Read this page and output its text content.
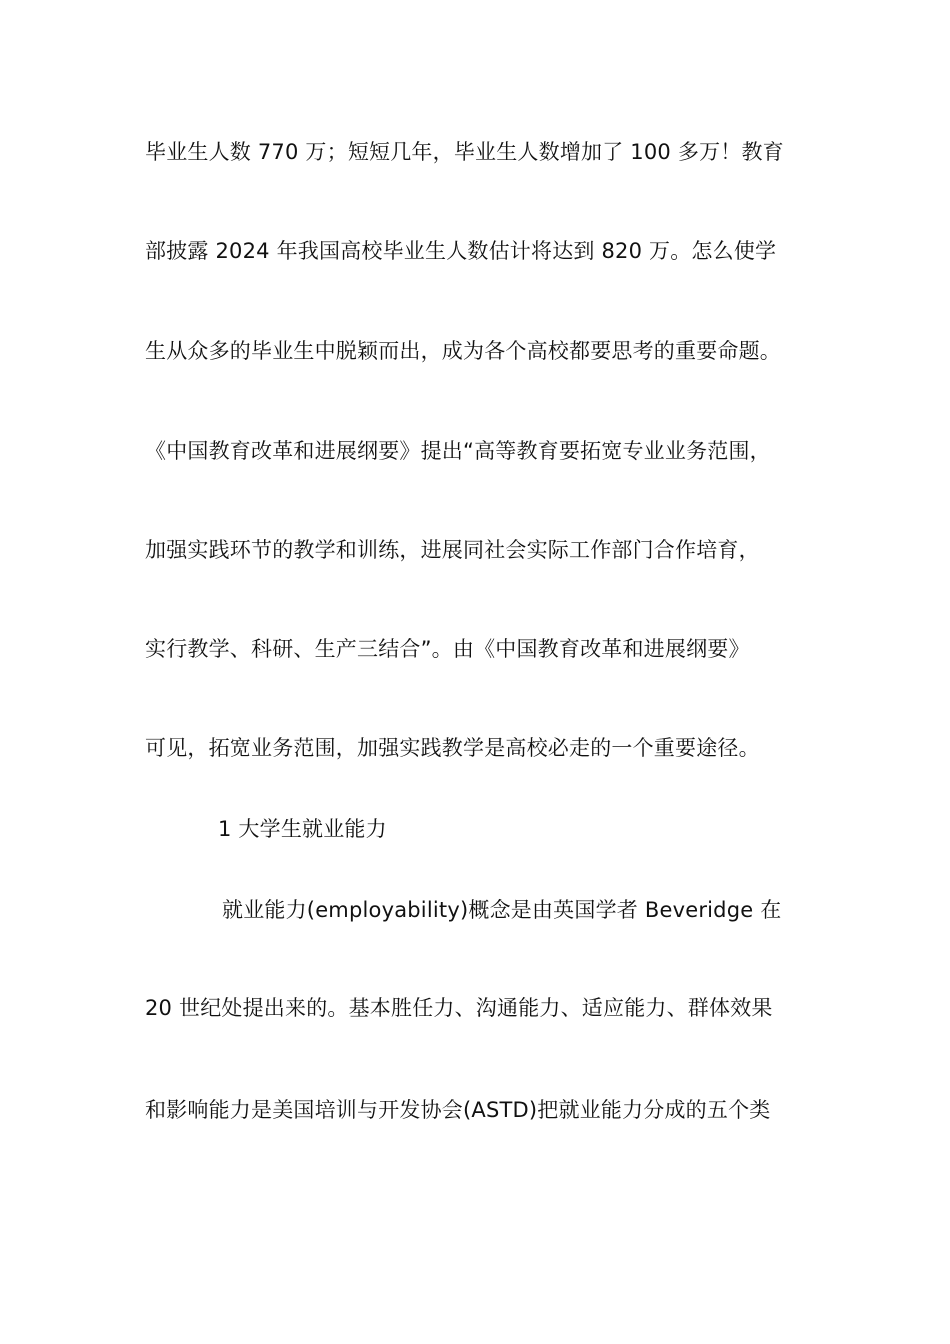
毕业生人数 770 万；短短几年，毕业生人数增加了 100 多万！教育
部披露 2024 年我国高校毕业生人数估计将达到 820 万。怎么使学
生从众多的毕业生中脱颖而出，成为各个高校都要思考的重要命题。
《中国教育改革和进展纲要》提出“高等教育要拓宽专业业务范围，
加强实践环节的教学和训练，进展同社会实际工作部门合作培育，
实行教学、科研、生产三结合”。由《中国教育改革和进展纲要》
可见，拓宽业务范围，加强实践教学是高校必走的一个重要途径。
1 大学生就业能力
就业能力(employability)概念是由英国学者 Beveridge 在
20 世纪处提出来的。基本胜任力、沟通能力、适应能力、群体效果
和影响能力是美国培训与开发协会(ASTD)把就业能力分成的五个类
